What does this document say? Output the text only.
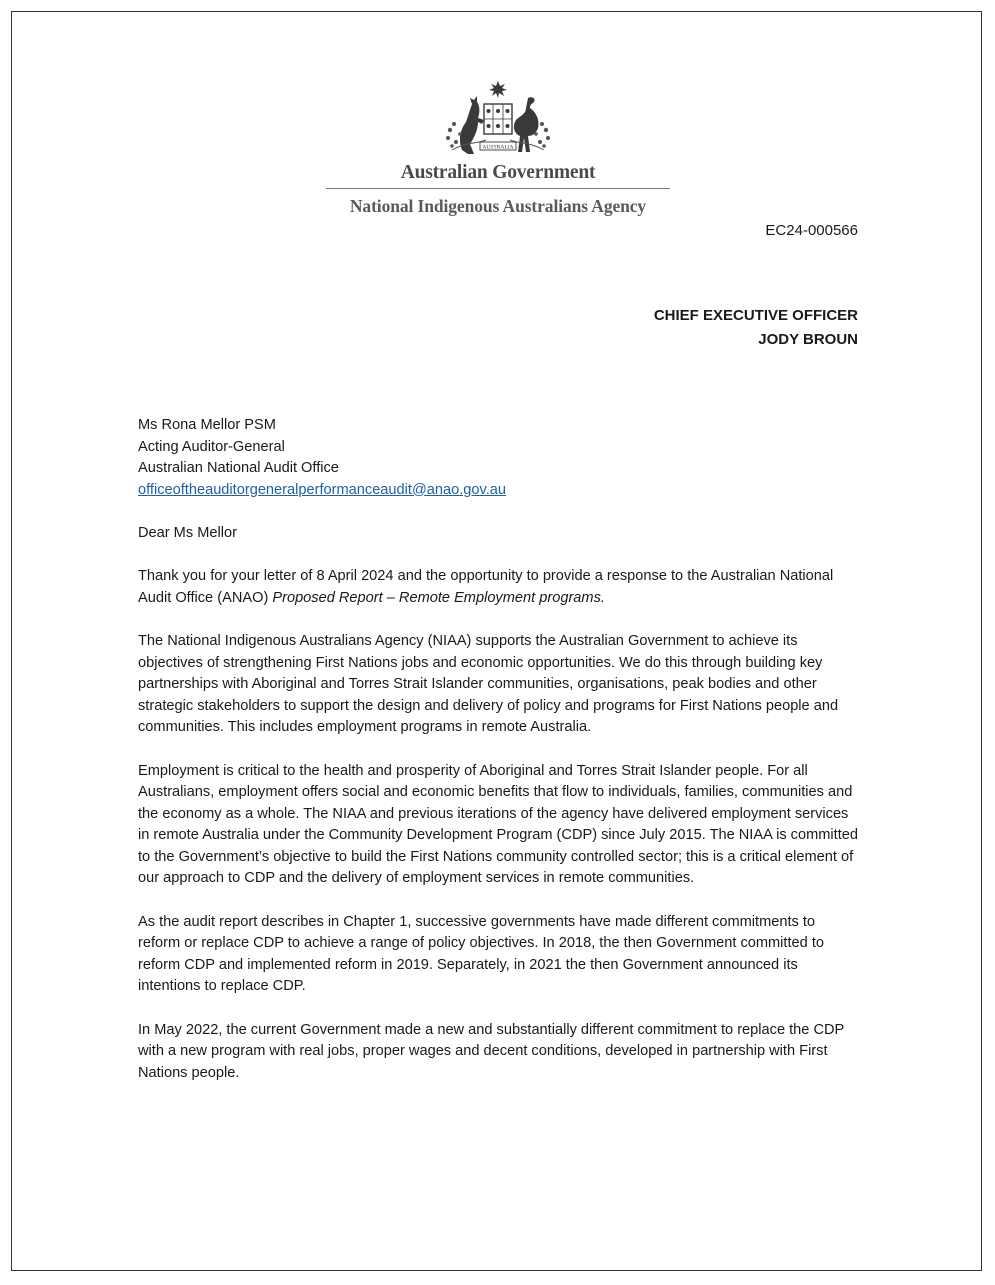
AUSTRALIA
Australian Government
National Indigenous Australians Agency
EC24-000566
CHIEF EXECUTIVE OFFICER
JODY BROUN

Ms Rona Mellor PSM
Acting Auditor-General
Australian National Audit Office
officeoftheauditorgeneralperformanceaudit@anao.gov.au

Dear Ms Mellor

Thank you for your letter of 8 April 2024 and the opportunity to provide a response to the Australian National Audit Office (ANAO) Proposed Report – Remote Employment programs.

The National Indigenous Australians Agency (NIAA) supports the Australian Government to achieve its objectives of strengthening First Nations jobs and economic opportunities. We do this through building key partnerships with Aboriginal and Torres Strait Islander communities, organisations, peak bodies and other strategic stakeholders to support the design and delivery of policy and programs for First Nations people and communities. This includes employment programs in remote Australia.

Employment is critical to the health and prosperity of Aboriginal and Torres Strait Islander people. For all Australians, employment offers social and economic benefits that flow to individuals, families, communities and the economy as a whole. The NIAA and previous iterations of the agency have delivered employment services in remote Australia under the Community Development Program (CDP) since July 2015. The NIAA is committed to the Government’s objective to build the First Nations community controlled sector; this is a critical element of our approach to CDP and the delivery of employment services in remote communities.

As the audit report describes in Chapter 1, successive governments have made different commitments to reform or replace CDP to achieve a range of policy objectives. In 2018, the then Government committed to reform CDP and implemented reform in 2019. Separately, in 2021 the then Government announced its intentions to replace CDP.

In May 2022, the current Government made a new and substantially different commitment to replace the CDP with a new program with real jobs, proper wages and decent conditions, developed in partnership with First Nations people.
